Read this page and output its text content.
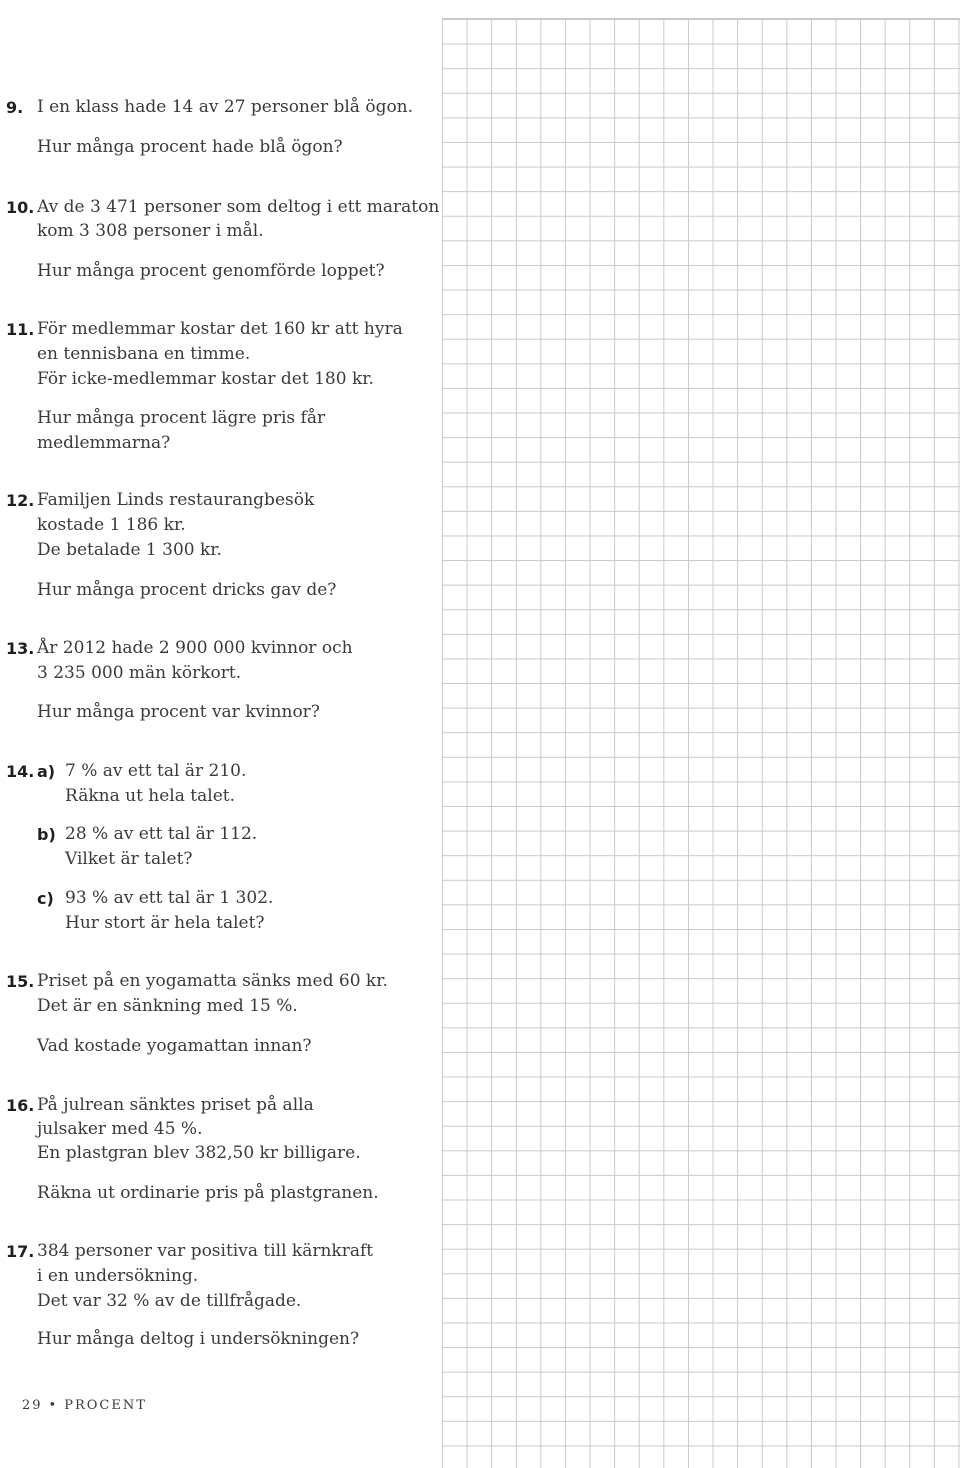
9. I en klass hade 14 av 27 personer blå ögon.
Hur många procent hade blå ögon?
10. Av de 3 471 personer som deltog i ett maraton
kom 3 308 personer i mål.
Hur många procent genomförde loppet?
11. För medlemmar kostar det 160 kr att hyra
en tennisbana en timme.
För icke-medlemmar kostar det 180 kr.
Hur många procent lägre pris får
medlemmarna?
12. Familjen Linds restaurangbesök
kostade 1 186 kr.
De betalade 1 300 kr.
Hur många procent dricks gav de?
13. År 2012 hade 2 900 000 kvinnor och
3 235 000 män körkort.
Hur många procent var kvinnor?
14. a) 7 % av ett tal är 210.
Räkna ut hela talet.
b) 28 % av ett tal är 112.
Vilket är talet?
c) 93 % av ett tal är 1 302.
Hur stort är hela talet?
15. Priset på en yogamatta sänks med 60 kr.
Det är en sänkning med 15 %.
Vad kostade yogamattan innan?
16. På julrean sänktes priset på alla
julsaker med 45 %.
En plastgran blev 382,50 kr billigare.
Räkna ut ordinarie pris på plastgranen.
17. 384 personer var positiva till kärnkraft
i en undersökning.
Det var 32 % av de tillfrågade.
Hur många deltog i undersökningen?
29 • PROCENT
